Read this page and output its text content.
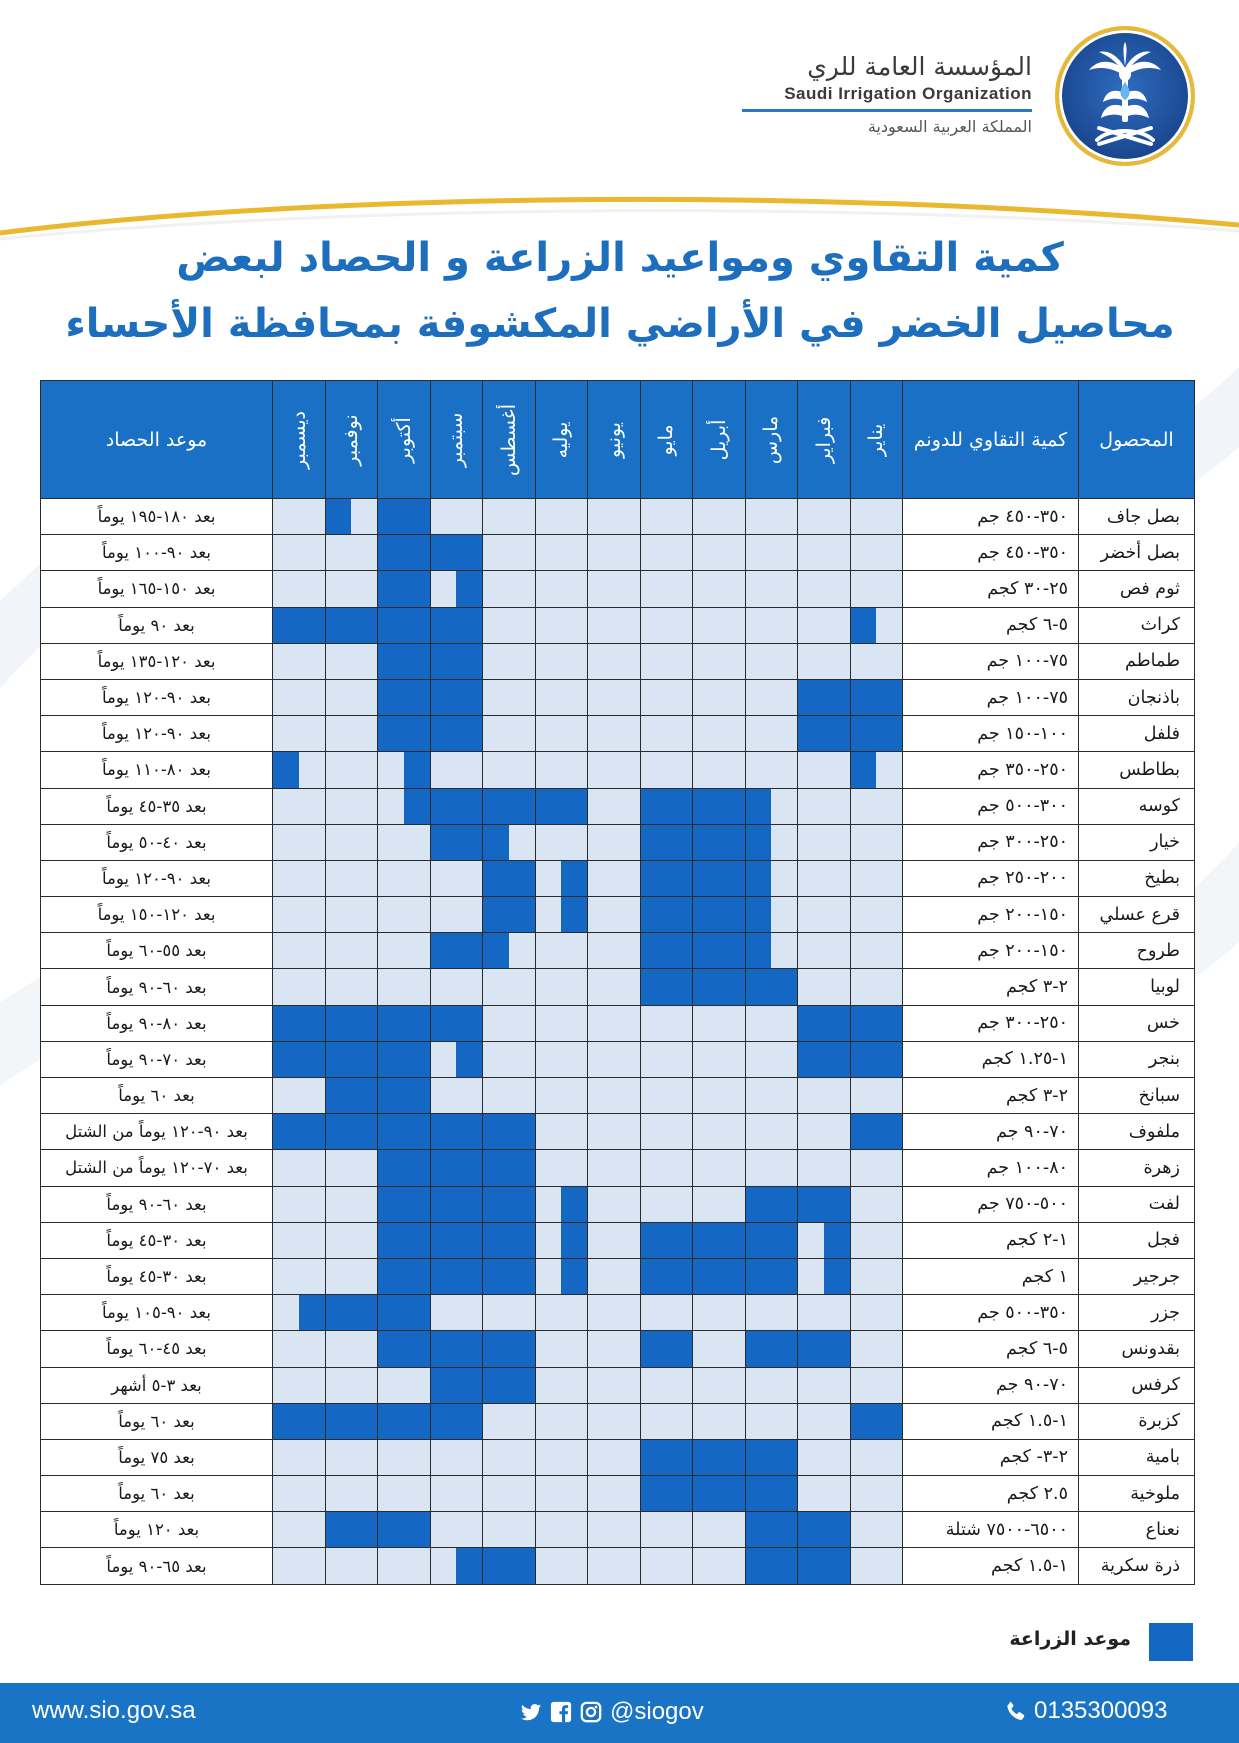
المؤسسة العامة للري
Saudi Irrigation Organization
المملكة العربية السعودية
كمية التقاوي ومواعيد الزراعة و الحصاد لبعض
محاصيل الخضر في الأراضي المكشوفة بمحافظة الأحساء
المحصول	كمية التقاوي للدونم	يناير	فبراير	مارس	أبريل	مايو	يونيو	يوليه	أغسطس	سبتمبر	أكتوبر	نوفمبر	ديسمبر	موعد الحصاد

بصل جاف	٣٥٠-٤٥٠ جم													بعد ١٨٠-١٩٥ يوماً
بصل أخضر	٣٥٠-٤٥٠ جم													بعد ٩٠-١٠٠ يوماً
ثوم فص	٢٥-٣٠ كجم													بعد ١٥٠-١٦٥ يوماً
كراث	٥-٦ كجم													بعد ٩٠ يوماً
طماطم	٧٥-١٠٠ جم													بعد ١٢٠-١٣٥ يوماً
باذنجان	٧٥-١٠٠ جم													بعد ٩٠-١٢٠ يوماً
فلفل	١٠٠-١٥٠ جم													بعد ٩٠-١٢٠ يوماً
بطاطس	٢٥٠-٣٥٠ جم													بعد ٨٠-١١٠ يوماً
كوسه	٣٠٠-٥٠٠ جم													بعد ٣٥-٤٥ يوماً
خيار	٢٥٠-٣٠٠ جم													بعد ٤٠-٥٠ يوماً
بطيخ	٢٠٠-٢٥٠ جم													بعد ٩٠-١٢٠ يوماً
قرع عسلي	١٥٠-٢٠٠ جم													بعد ١٢٠-١٥٠ يوماً
طروح	١٥٠-٢٠٠ جم													بعد ٥٥-٦٠ يوماً
لوبيا	٢-٣ كجم													بعد ٦٠-٩٠ يوماً
خس	٢٥٠-٣٠٠ جم													بعد ٨٠-٩٠ يوماً
بنجر	١-١.٢٥ كجم													بعد ٧٠-٩٠ يوماً
سبانخ	٢-٣ كجم													بعد ٦٠ يوماً
ملفوف	٧٠-٩٠ جم													بعد ٩٠-١٢٠ يوماً من الشتل
زهرة	٨٠-١٠٠ جم													بعد ٧٠-١٢٠ يوماً من الشتل
لفت	٥٠٠-٧٥٠ جم													بعد ٦٠-٩٠ يوماً
فجل	١-٢ كجم													بعد ٣٠-٤٥ يوماً
جرجير	١ كجم													بعد ٣٠-٤٥ يوماً
جزر	٣٥٠-٥٠٠ جم													بعد ٩٠-١٠٥ يوماً
بقدونس	٥-٦ كجم													بعد ٤٥-٦٠ يوماً
كرفس	٧٠-٩٠ جم													بعد ٣-٥ أشهر
كزبرة	١-١.٥ كجم													بعد ٦٠ يوماً
بامية	٢-٣- كجم													بعد ٧٥ يوماً
ملوخية	٢.٥ كجم													بعد ٦٠ يوماً
نعناع	٦٥٠٠-٧٥٠٠ شتلة													بعد ١٢٠ يوماً
ذرة سكرية	١-١.٥ كجم													بعد ٦٥-٩٠ يوماً
موعد الزراعة
www.sio.gov.sa	@siogov	0135300093
